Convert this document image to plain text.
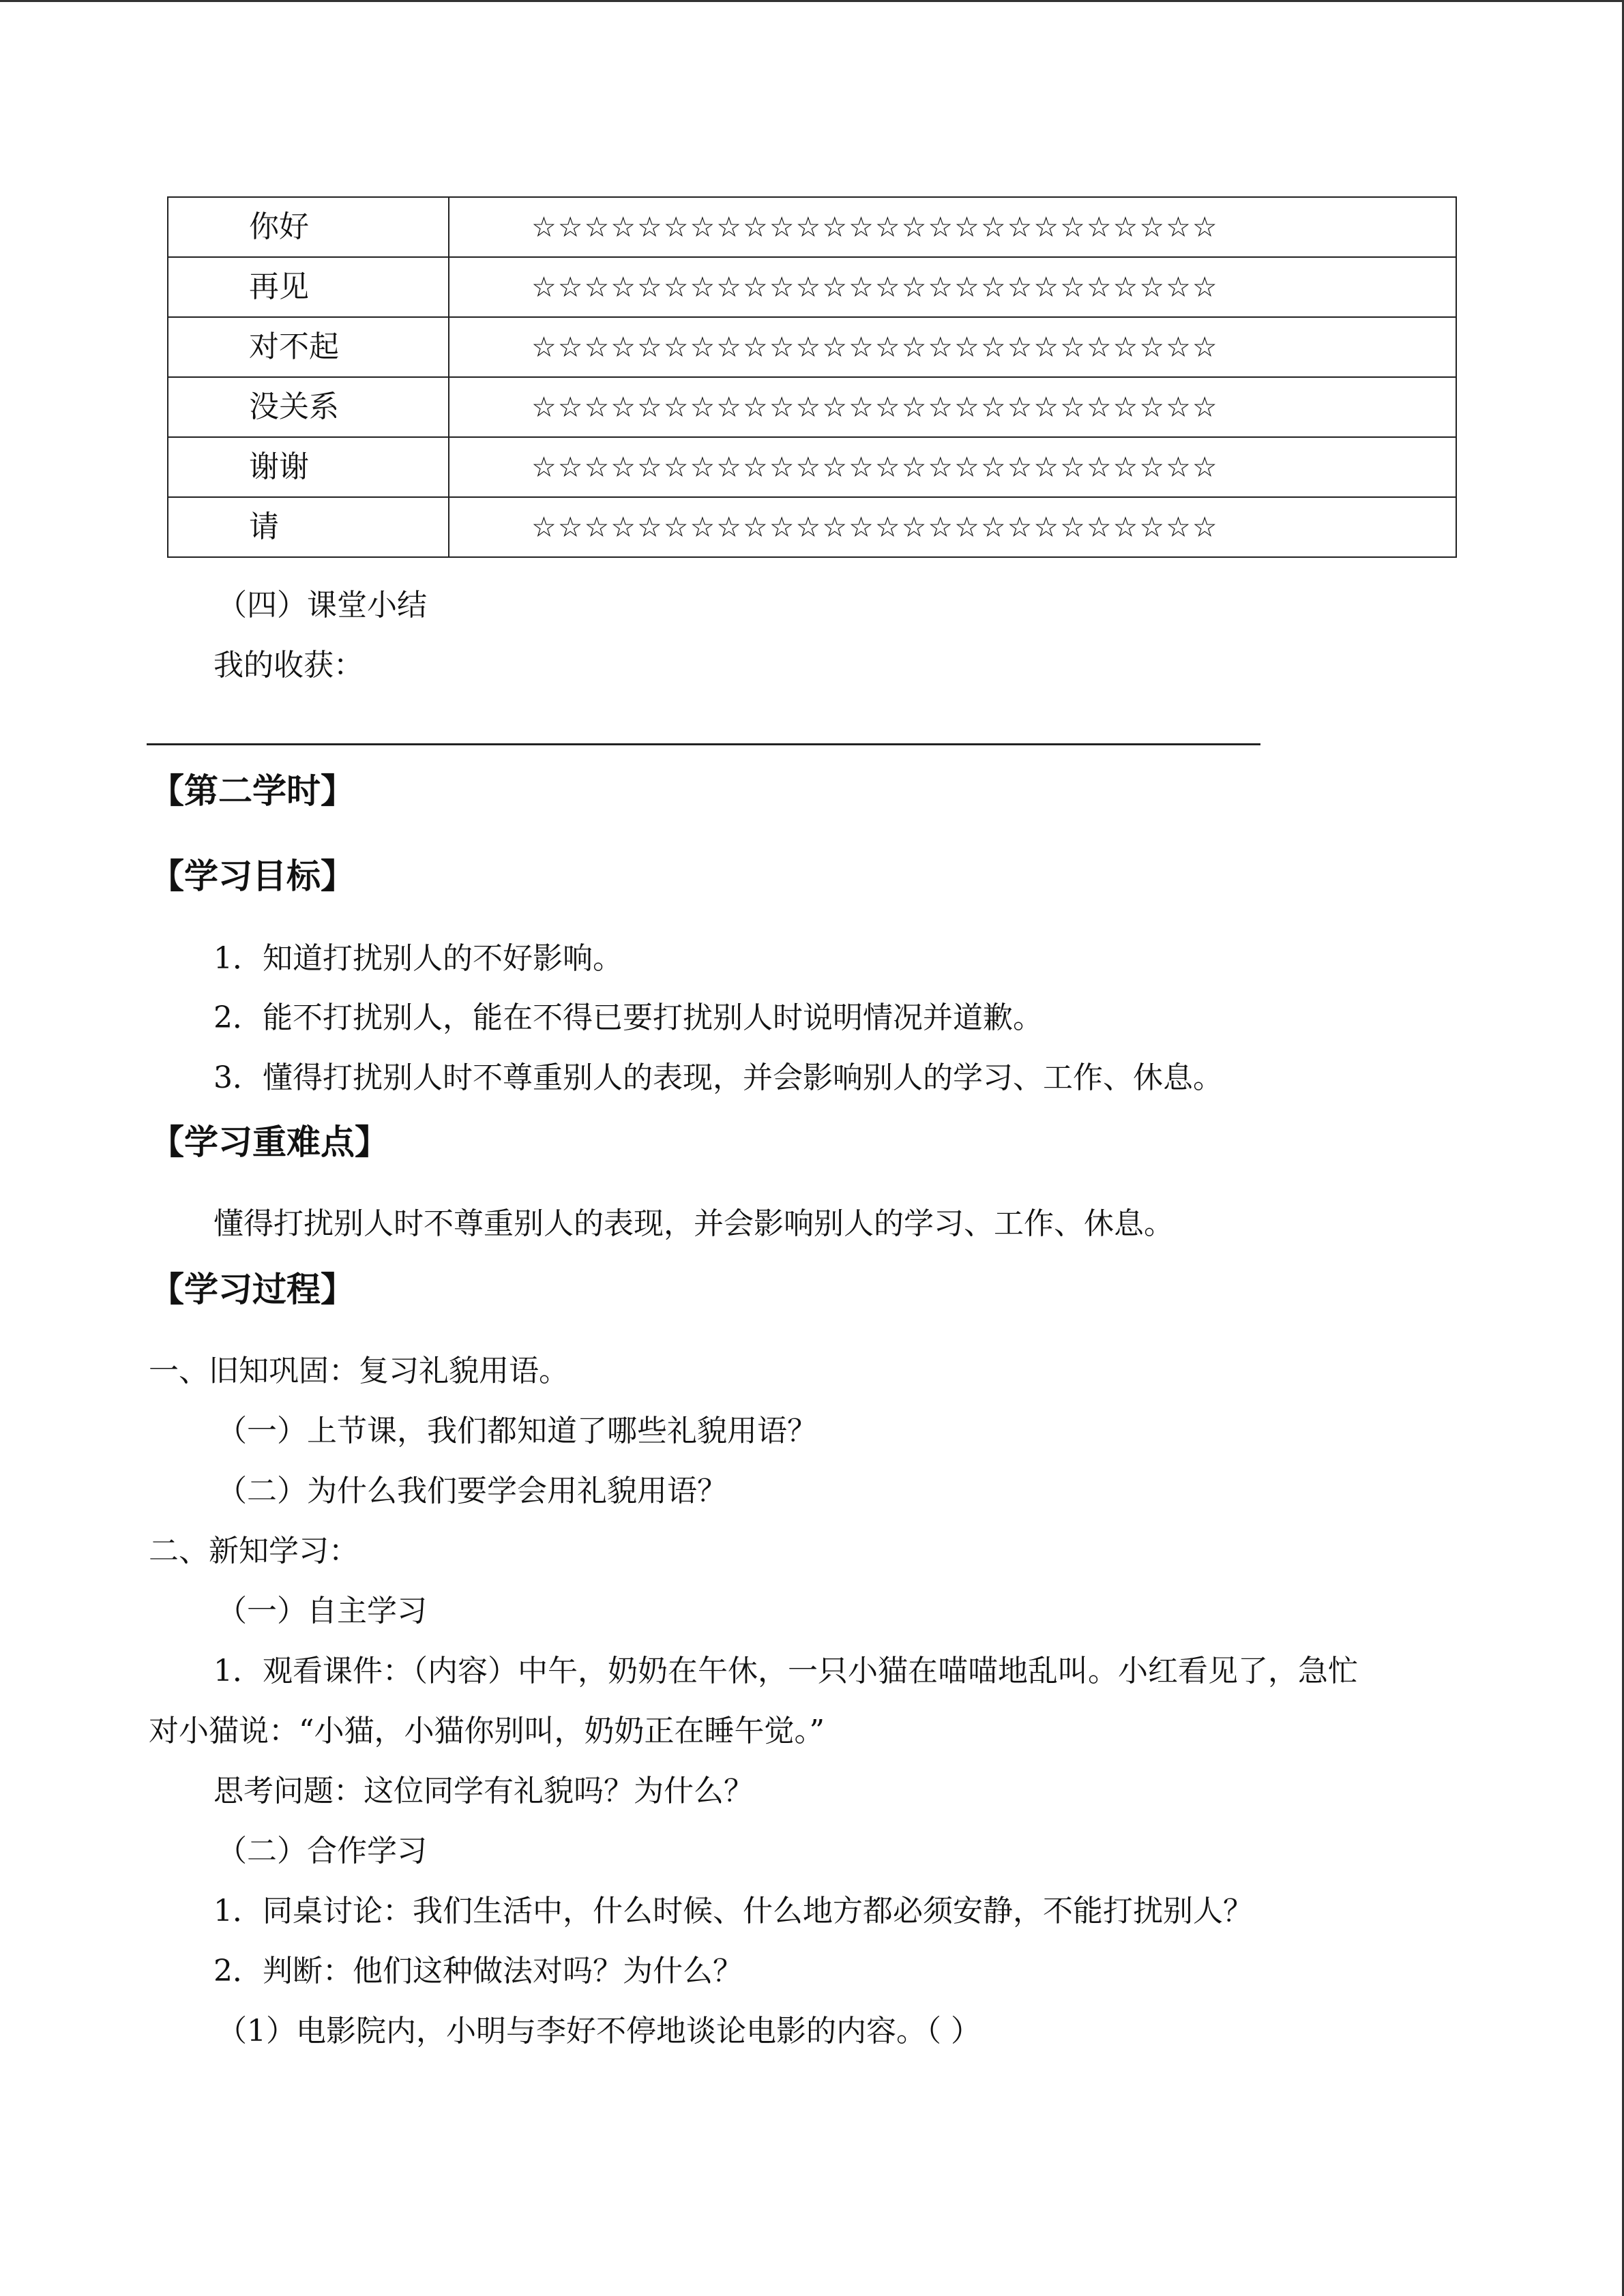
你好	☆☆☆☆☆☆☆☆☆☆☆☆☆☆☆☆☆☆☆☆☆☆☆☆☆☆
再见	☆☆☆☆☆☆☆☆☆☆☆☆☆☆☆☆☆☆☆☆☆☆☆☆☆☆
对不起	☆☆☆☆☆☆☆☆☆☆☆☆☆☆☆☆☆☆☆☆☆☆☆☆☆☆
没关系	☆☆☆☆☆☆☆☆☆☆☆☆☆☆☆☆☆☆☆☆☆☆☆☆☆☆
谢谢	☆☆☆☆☆☆☆☆☆☆☆☆☆☆☆☆☆☆☆☆☆☆☆☆☆☆
请	☆☆☆☆☆☆☆☆☆☆☆☆☆☆☆☆☆☆☆☆☆☆☆☆☆☆
（四）课堂小结
我的收获：
【第二学时】
【学习目标】
1．知道打扰别人的不好影响。
2．能不打扰别人，能在不得已要打扰别人时说明情况并道歉。
3．懂得打扰别人时不尊重别人的表现，并会影响别人的学习、工作、休息。
【学习重难点】
懂得打扰别人时不尊重别人的表现，并会影响别人的学习、工作、休息。
【学习过程】
一、旧知巩固：复习礼貌用语。
（一）上节课，我们都知道了哪些礼貌用语？
（二）为什么我们要学会用礼貌用语？
二、新知学习：
（一）自主学习
1．观看课件：（内容）中午，奶奶在午休，一只小猫在喵喵地乱叫。小红看见了，急忙
对小猫说：“小猫，小猫你别叫，奶奶正在睡午觉。”
思考问题：这位同学有礼貌吗？为什么？
（二）合作学习
1．同桌讨论：我们生活中，什么时候、什么地方都必须安静，不能打扰别人？
2．判断：他们这种做法对吗？为什么？
（1）电影院内，小明与李好不停地谈论电影的内容。（ ）
